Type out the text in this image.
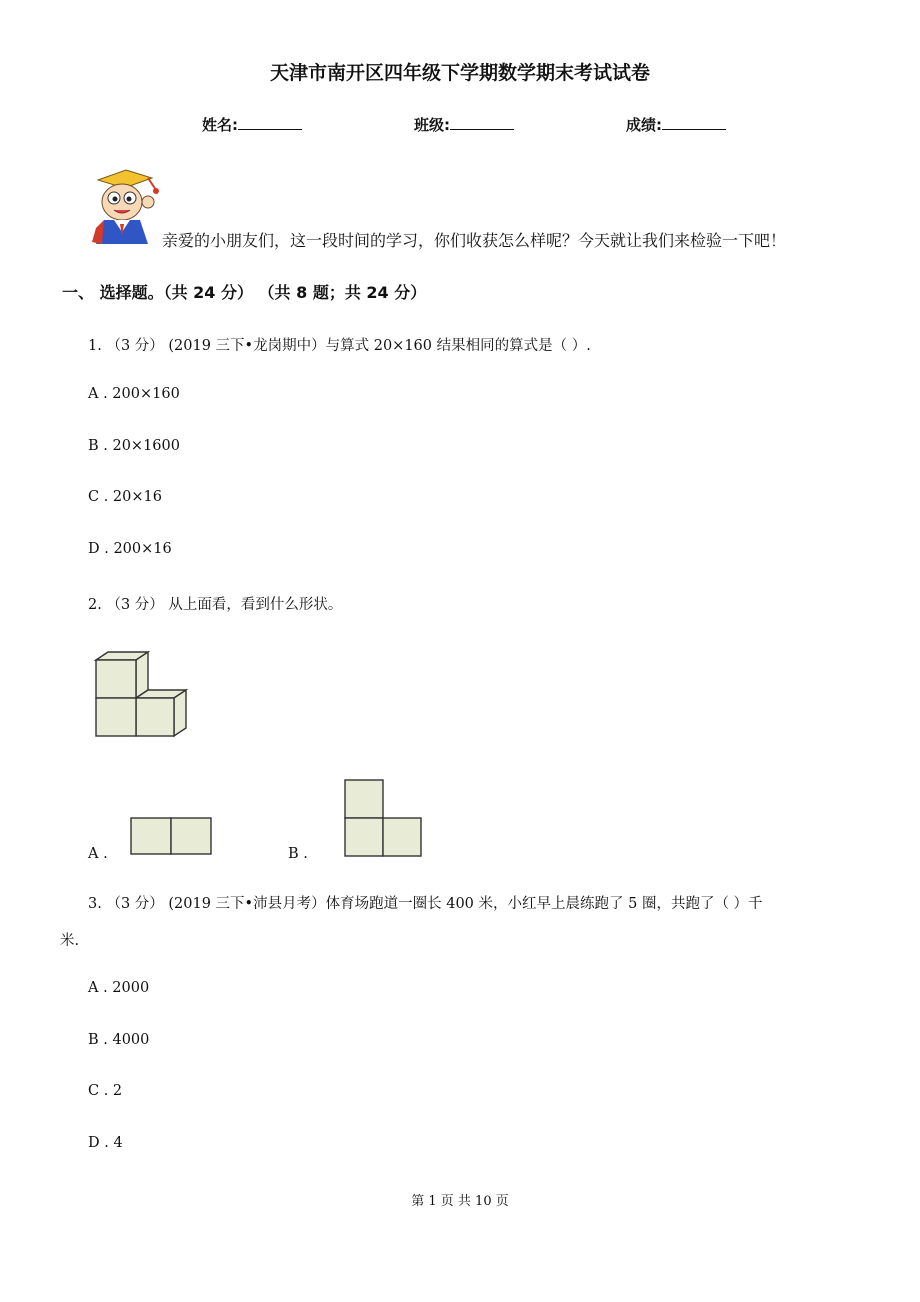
天津市南开区四年级下学期数学期末考试试卷
姓名:	班级:	成绩:
亲爱的小朋友们，这一段时间的学习，你们收获怎么样呢？今天就让我们来检验一下吧！
一、 选择题。（共 24 分） （共 8 题；共 24 分）
1. （3 分） (2019 三下•龙岗期中）与算式 20×160 结果相同的算式是（ ）.
A . 200×160
B . 20×1600
C . 20×16
D . 200×16
2. （3 分） 从上面看，看到什么形状。
A .	B .
3. （3 分） (2019 三下•沛县月考）体育场跑道一圈长 400 米，小红早上晨练跑了 5 圈，共跑了（ ）千
米.
A . 2000
B . 4000
C . 2
D . 4
第 1 页 共 10 页
